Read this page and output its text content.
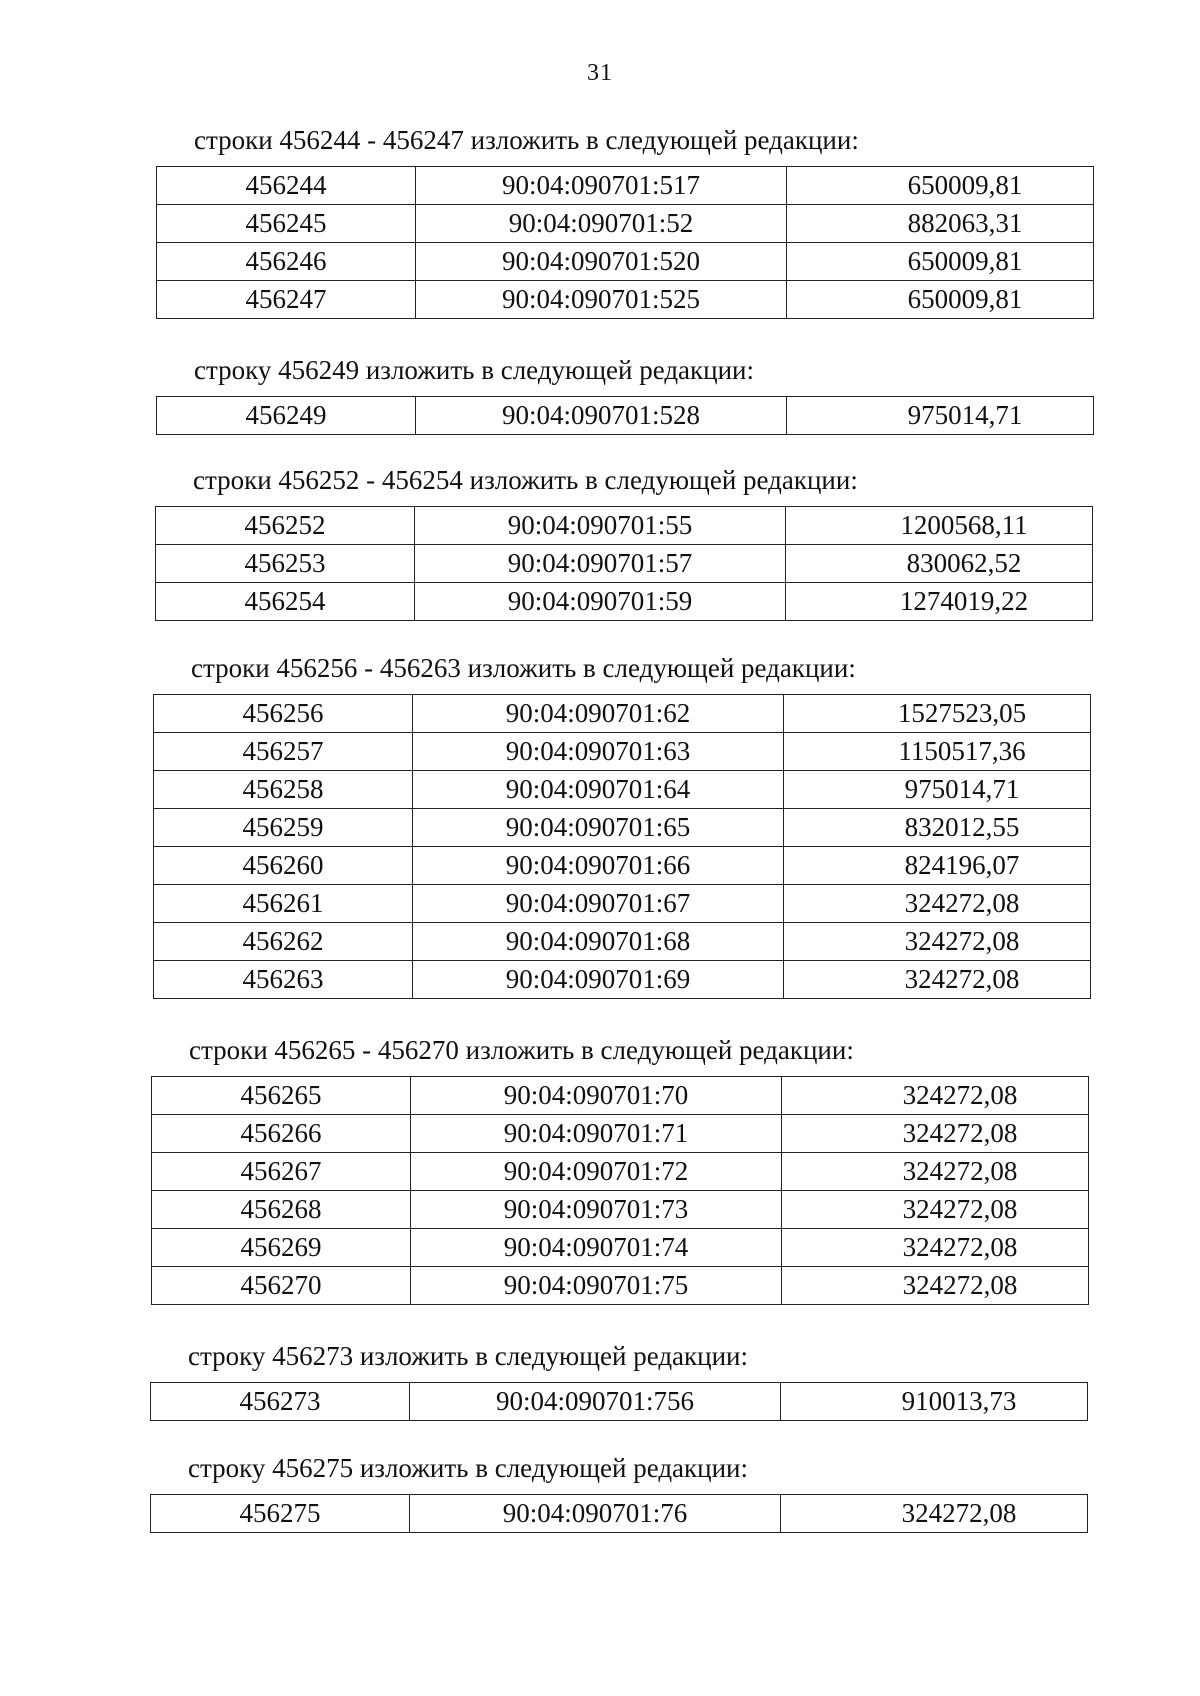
31

строки 456244 - 456247 изложить в следующей редакции:

456244	90:04:090701:517	650009,81
456245	90:04:090701:52	882063,31
456246	90:04:090701:520	650009,81
456247	90:04:090701:525	650009,81

строку 456249 изложить в следующей редакции:

456249	90:04:090701:528	975014,71

строки 456252 - 456254 изложить в следующей редакции:

456252	90:04:090701:55	1200568,11
456253	90:04:090701:57	830062,52
456254	90:04:090701:59	1274019,22

строки 456256 - 456263 изложить в следующей редакции:

456256	90:04:090701:62	1527523,05
456257	90:04:090701:63	1150517,36
456258	90:04:090701:64	975014,71
456259	90:04:090701:65	832012,55
456260	90:04:090701:66	824196,07
456261	90:04:090701:67	324272,08
456262	90:04:090701:68	324272,08
456263	90:04:090701:69	324272,08

строки 456265 - 456270 изложить в следующей редакции:

456265	90:04:090701:70	324272,08
456266	90:04:090701:71	324272,08
456267	90:04:090701:72	324272,08
456268	90:04:090701:73	324272,08
456269	90:04:090701:74	324272,08
456270	90:04:090701:75	324272,08

строку 456273 изложить в следующей редакции:

456273	90:04:090701:756	910013,73

строку 456275 изложить в следующей редакции:

456275	90:04:090701:76	324272,08
